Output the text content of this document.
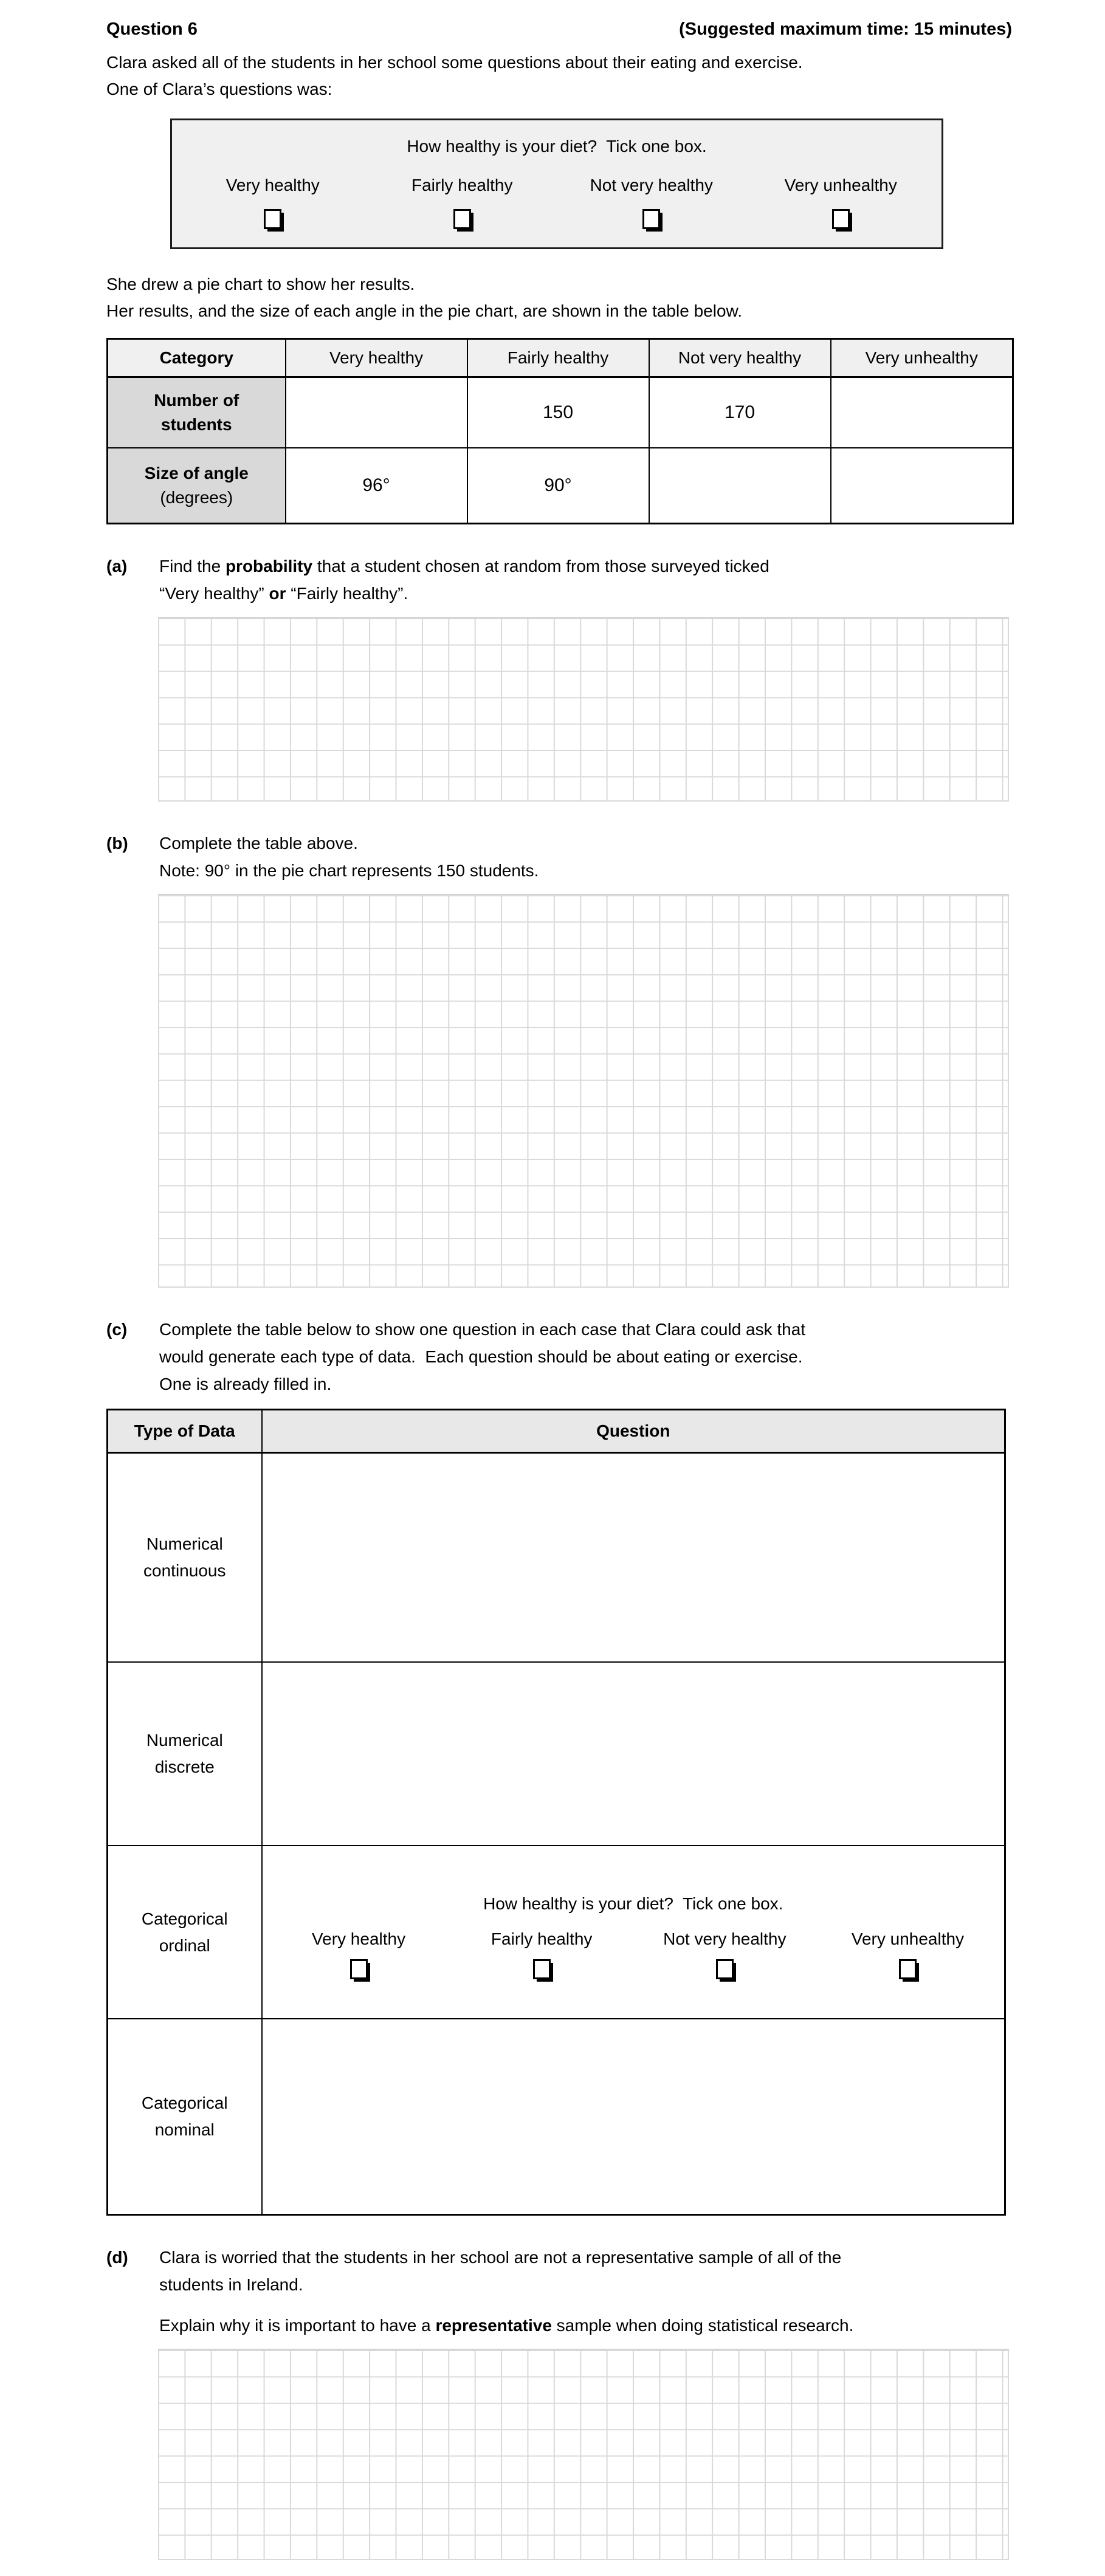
Question 6	(Suggested maximum time: 15 minutes)
Clara asked all of the students in her school some questions about their eating and exercise.
One of Clara’s questions was:
How healthy is your diet?  Tick one box.
Very healthy	Fairly healthy	Not very healthy	Very unhealthy
She drew a pie chart to show her results.
Her results, and the size of each angle in the pie chart, are shown in the table below.
Category	Very healthy	Fairly healthy	Not very healthy	Very unhealthy

Number of
students		150	170	

Size of angle
(degrees)	96°	90°		
(a)	Find the probability that a student chosen at random from those surveyed ticked
“Very healthy” or “Fairly healthy”.
(b)	Complete the table above.
Note: 90° in the pie chart represents 150 students.
(c)	Complete the table below to show one question in each case that Clara could ask that
would generate each type of data.  Each question should be about eating or exercise.
One is already filled in.
Type of Data	Question

Numerical
continuous	

Numerical
discrete	

Categorical
ordinal

How healthy is your diet?  Tick one box.
Very healthy	Fairly healthy	Not very healthy	Very unhealthy

Categorical
nominal	

(d)	Clara is worried that the students in her school are not a representative sample of all of the
students in Ireland.
Explain why it is important to have a representative sample when doing statistical research.
